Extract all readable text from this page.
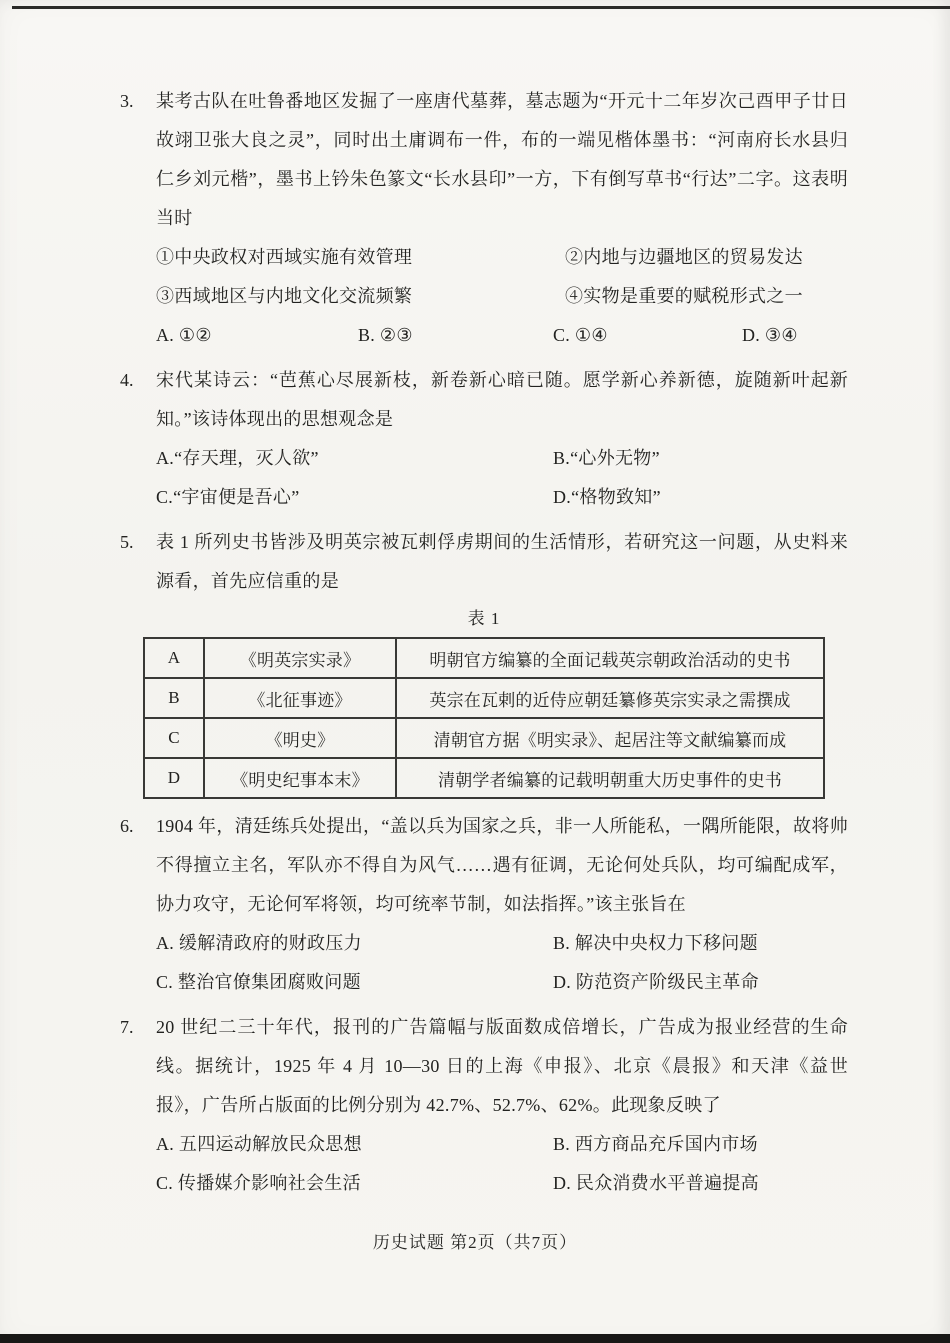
3.	某考古队在吐鲁番地区发掘了一座唐代墓葬，墓志题为“开元十二年岁次己酉甲子廿日故翊卫张大良之灵”，同时出土庸调布一件，布的一端见楷体墨书：“河南府长水县归仁乡刘元楷”，墨书上钤朱色篆文“长水县印”一方，下有倒写草书“行达”二字。这表明当时

①中央政权对西域实施有效管理	②内地与边疆地区的贸易发达
③西域地区与内地文化交流频繁	④实物是重要的赋税形式之一
A. ①②	B. ②③	C. ①④	D. ③④
4.	宋代某诗云：“芭蕉心尽展新枝，新卷新心暗已随。愿学新心养新德，旋随新叶起新知。”该诗体现出的思想观念是

A.“存天理，灭人欲”	B.“心外无物”
C.“宇宙便是吾心”	D.“格物致知”
5.	表 1 所列史书皆涉及明英宗被瓦剌俘虏期间的生活情形，若研究这一问题，从史料来源看，首先应信重的是

表 1
A	《明英宗实录》	明朝官方编纂的全面记载英宗朝政治活动的史书
B	《北征事迹》	英宗在瓦剌的近侍应朝廷纂修英宗实录之需撰成
C	《明史》	清朝官方据《明实录》、起居注等文献编纂而成
D	《明史纪事本末》	清朝学者编纂的记载明朝重大历史事件的史书
6.	1904 年，清廷练兵处提出，“盖以兵为国家之兵，非一人所能私，一隅所能限，故将帅不得擅立主名，军队亦不得自为风气……遇有征调，无论何处兵队，均可编配成军，协力攻守，无论何军将领，均可统率节制，如法指挥。”该主张旨在

A. 缓解清政府的财政压力	B. 解决中央权力下移问题
C. 整治官僚集团腐败问题	D. 防范资产阶级民主革命
7.	20 世纪二三十年代，报刊的广告篇幅与版面数成倍增长，广告成为报业经营的生命线。据统计，1925 年 4 月 10—30 日的上海《申报》、北京《晨报》和天津《益世报》，广告所占版面的比例分别为 42.7%、52.7%、62%。此现象反映了

A. 五四运动解放民众思想	B. 西方商品充斥国内市场
C. 传播媒介影响社会生活	D. 民众消费水平普遍提高
历史试题 第2页（共7页）
